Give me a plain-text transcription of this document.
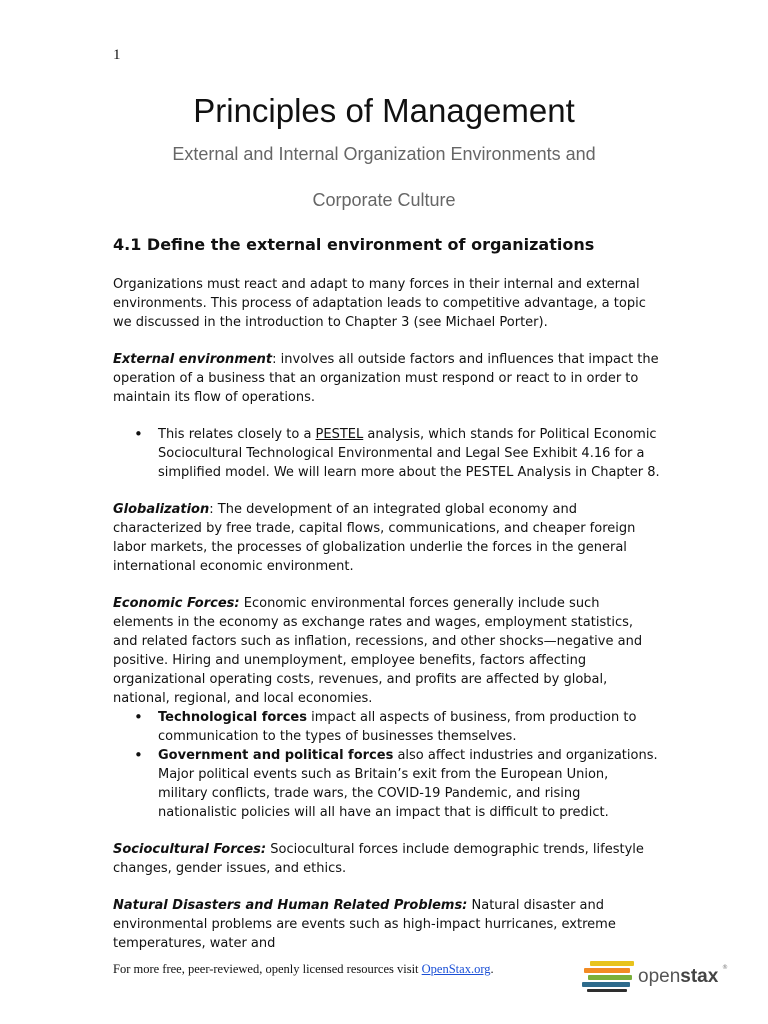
1
Principles of Management
External and Internal Organization Environments and
Corporate Culture
4.1 Define the external environment of organizations

Organizations must react and adapt to many forces in their internal and external environments. This process of adaptation leads to competitive advantage, a topic we discussed in the introduction to Chapter 3 (see Michael Porter).

External environment: involves all outside factors and influences that impact the operation of a business that an organization must respond or react to in order to maintain its flow of operations.

• This relates closely to a PESTEL analysis, which stands for Political Economic Sociocultural Technological Environmental and Legal See Exhibit 4.16 for a simplified model. We will learn more about the PESTEL Analysis in Chapter 8.

Globalization: The development of an integrated global economy and characterized by free trade, capital flows, communications, and cheaper foreign labor markets, the processes of globalization underlie the forces in the general international economic environment.

Economic Forces: Economic environmental forces generally include such elements in the economy as exchange rates and wages, employment statistics, and related factors such as inflation, recessions, and other shocks—negative and positive. Hiring and unemployment, employee benefits, factors affecting organizational operating costs, revenues, and profits are affected by global, national, regional, and local economies.

• Technological forces impact all aspects of business, from production to communication to the types of businesses themselves.
• Government and political forces also affect industries and organizations. Major political events such as Britain’s exit from the European Union, military conflicts, trade wars, the COVID-19 Pandemic, and rising nationalistic policies will all have an impact that is difficult to predict.

Sociocultural Forces: Sociocultural forces include demographic trends, lifestyle changes, gender issues, and ethics.

Natural Disasters and Human Related Problems: Natural disaster and environmental problems are events such as high-impact hurricanes, extreme temperatures, water and

For more free, peer-reviewed, openly licensed resources visit OpenStax.org.	openstax ®
